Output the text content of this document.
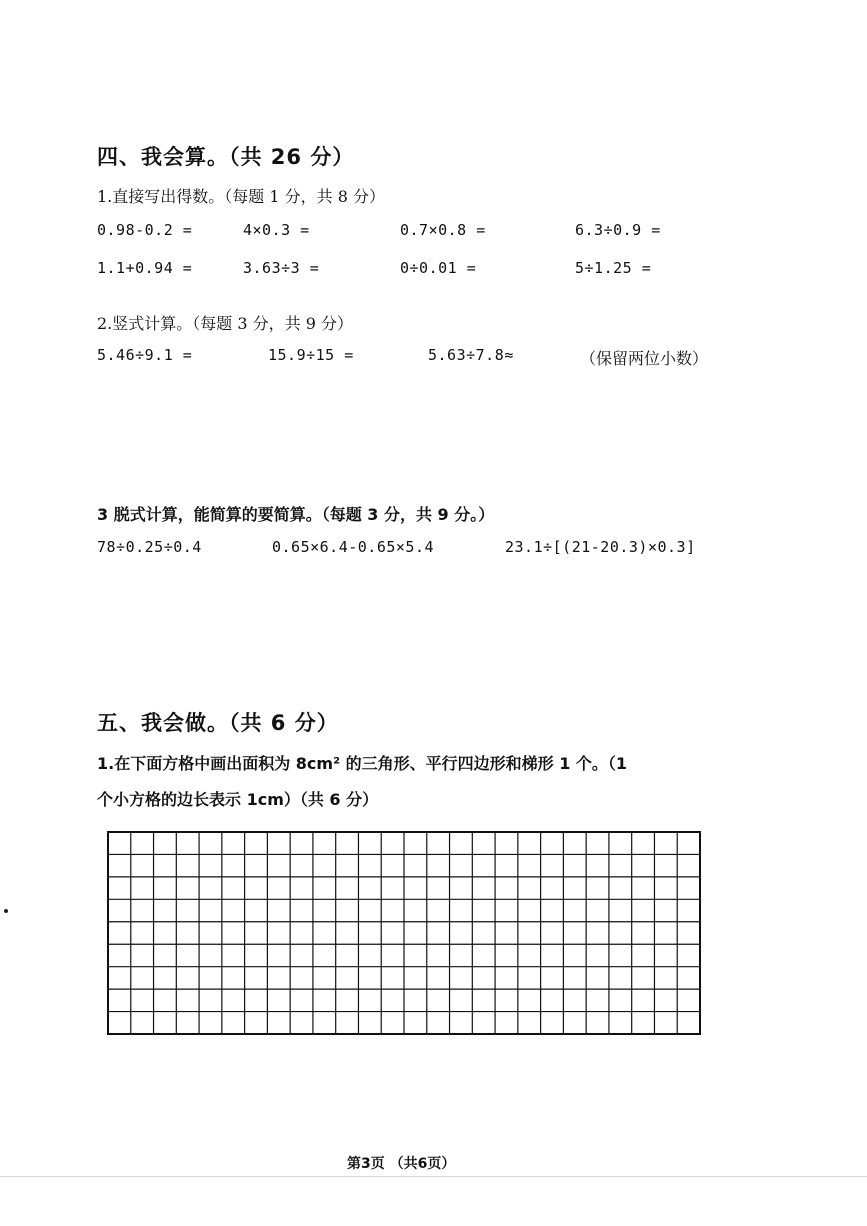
四、我会算。（共 26 分）
1.直接写出得数。（每题 1 分，共 8 分）
0.98-0.2 =	4×0.3 =	0.7×0.8 =	6.3÷0.9 =
1.1+0.94 =	3.63÷3 =	0÷0.01 =	5÷1.25 =
2.竖式计算。（每题 3 分，共 9 分）
5.46÷9.1 =	15.9÷15 =	5.63÷7.8≈	（保留两位小数）
3 脱式计算，能简算的要简算。（每题 3 分，共 9 分。）
78÷0.25÷0.4	0.65×6.4-0.65×5.4	23.1÷[(21-20.3)×0.3]
五、我会做。（共 6 分）
1.在下面方格中画出面积为 8cm² 的三角形、平行四边形和梯形 1 个。（1
个小方格的边长表示 1cm）（共 6 分）
第3页 （共6页）
